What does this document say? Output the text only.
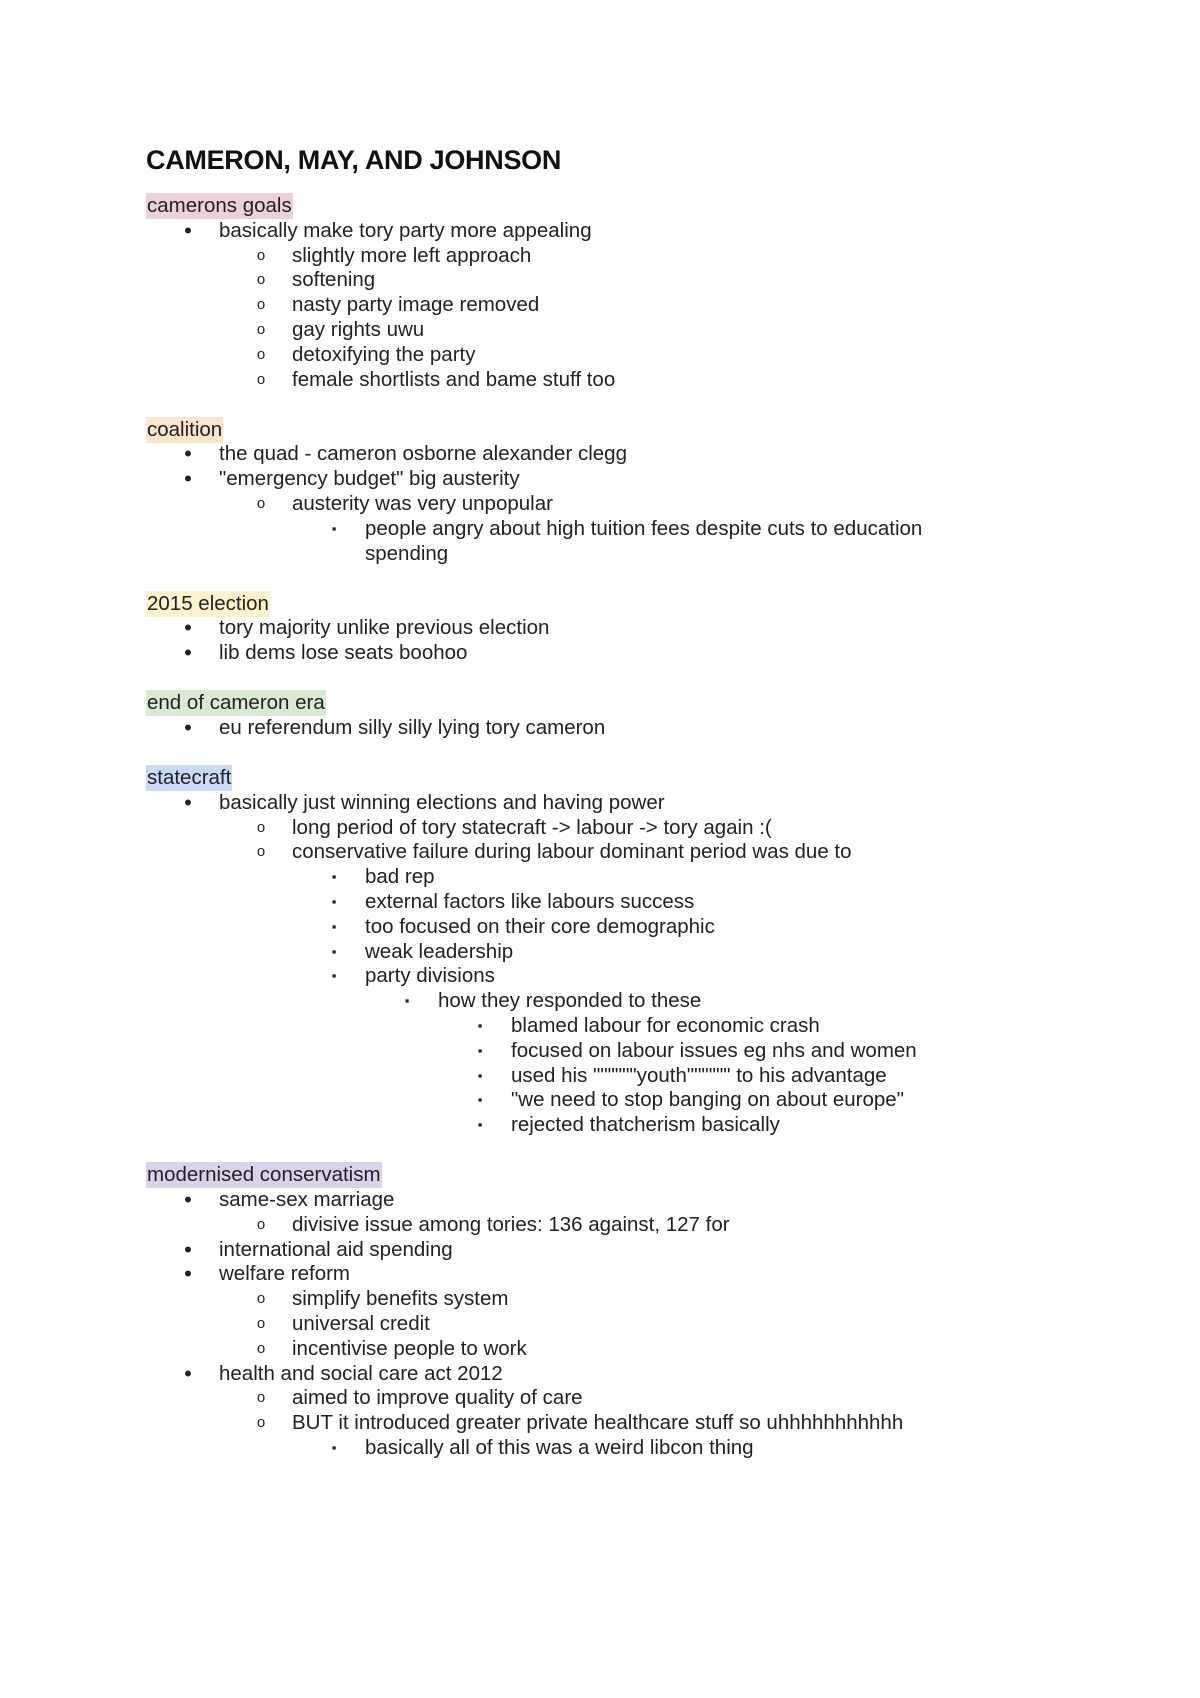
CAMERON, MAY, AND JOHNSON
camerons goals
•	basically make tory party more appealing
o	slightly more left approach
o	softening
o	nasty party image removed
o	gay rights uwu
o	detoxifying the party
o	female shortlists and bame stuff too
coalition
•	the quad - cameron osborne alexander clegg
•	"emergency budget" big austerity
o	austerity was very unpopular
▪	people angry about high tuition fees despite cuts to education
spending
2015 election
•	tory majority unlike previous election
•	lib dems lose seats boohoo
end of cameron era
•	eu referendum silly silly lying tory cameron
statecraft
•	basically just winning elections and having power
o	long period of tory statecraft -> labour -> tory again :(
o	conservative failure during labour dominant period was due to
▪	bad rep
▪	external factors like labours success
▪	too focused on their core demographic
▪	weak leadership
▪	party divisions
▪	how they responded to these
▪	blamed labour for economic crash
▪	focused on labour issues eg nhs and women
▪	used his """"""youth"""""" to his advantage
▪	"we need to stop banging on about europe"
▪	rejected thatcherism basically
modernised conservatism
•	same-sex marriage
o	divisive issue among tories: 136 against, 127 for
•	international aid spending
•	welfare reform
o	simplify benefits system
o	universal credit
o	incentivise people to work
•	health and social care act 2012
o	aimed to improve quality of care
o	BUT it introduced greater private healthcare stuff so uhhhhhhhhhhh
▪	basically all of this was a weird libcon thing
